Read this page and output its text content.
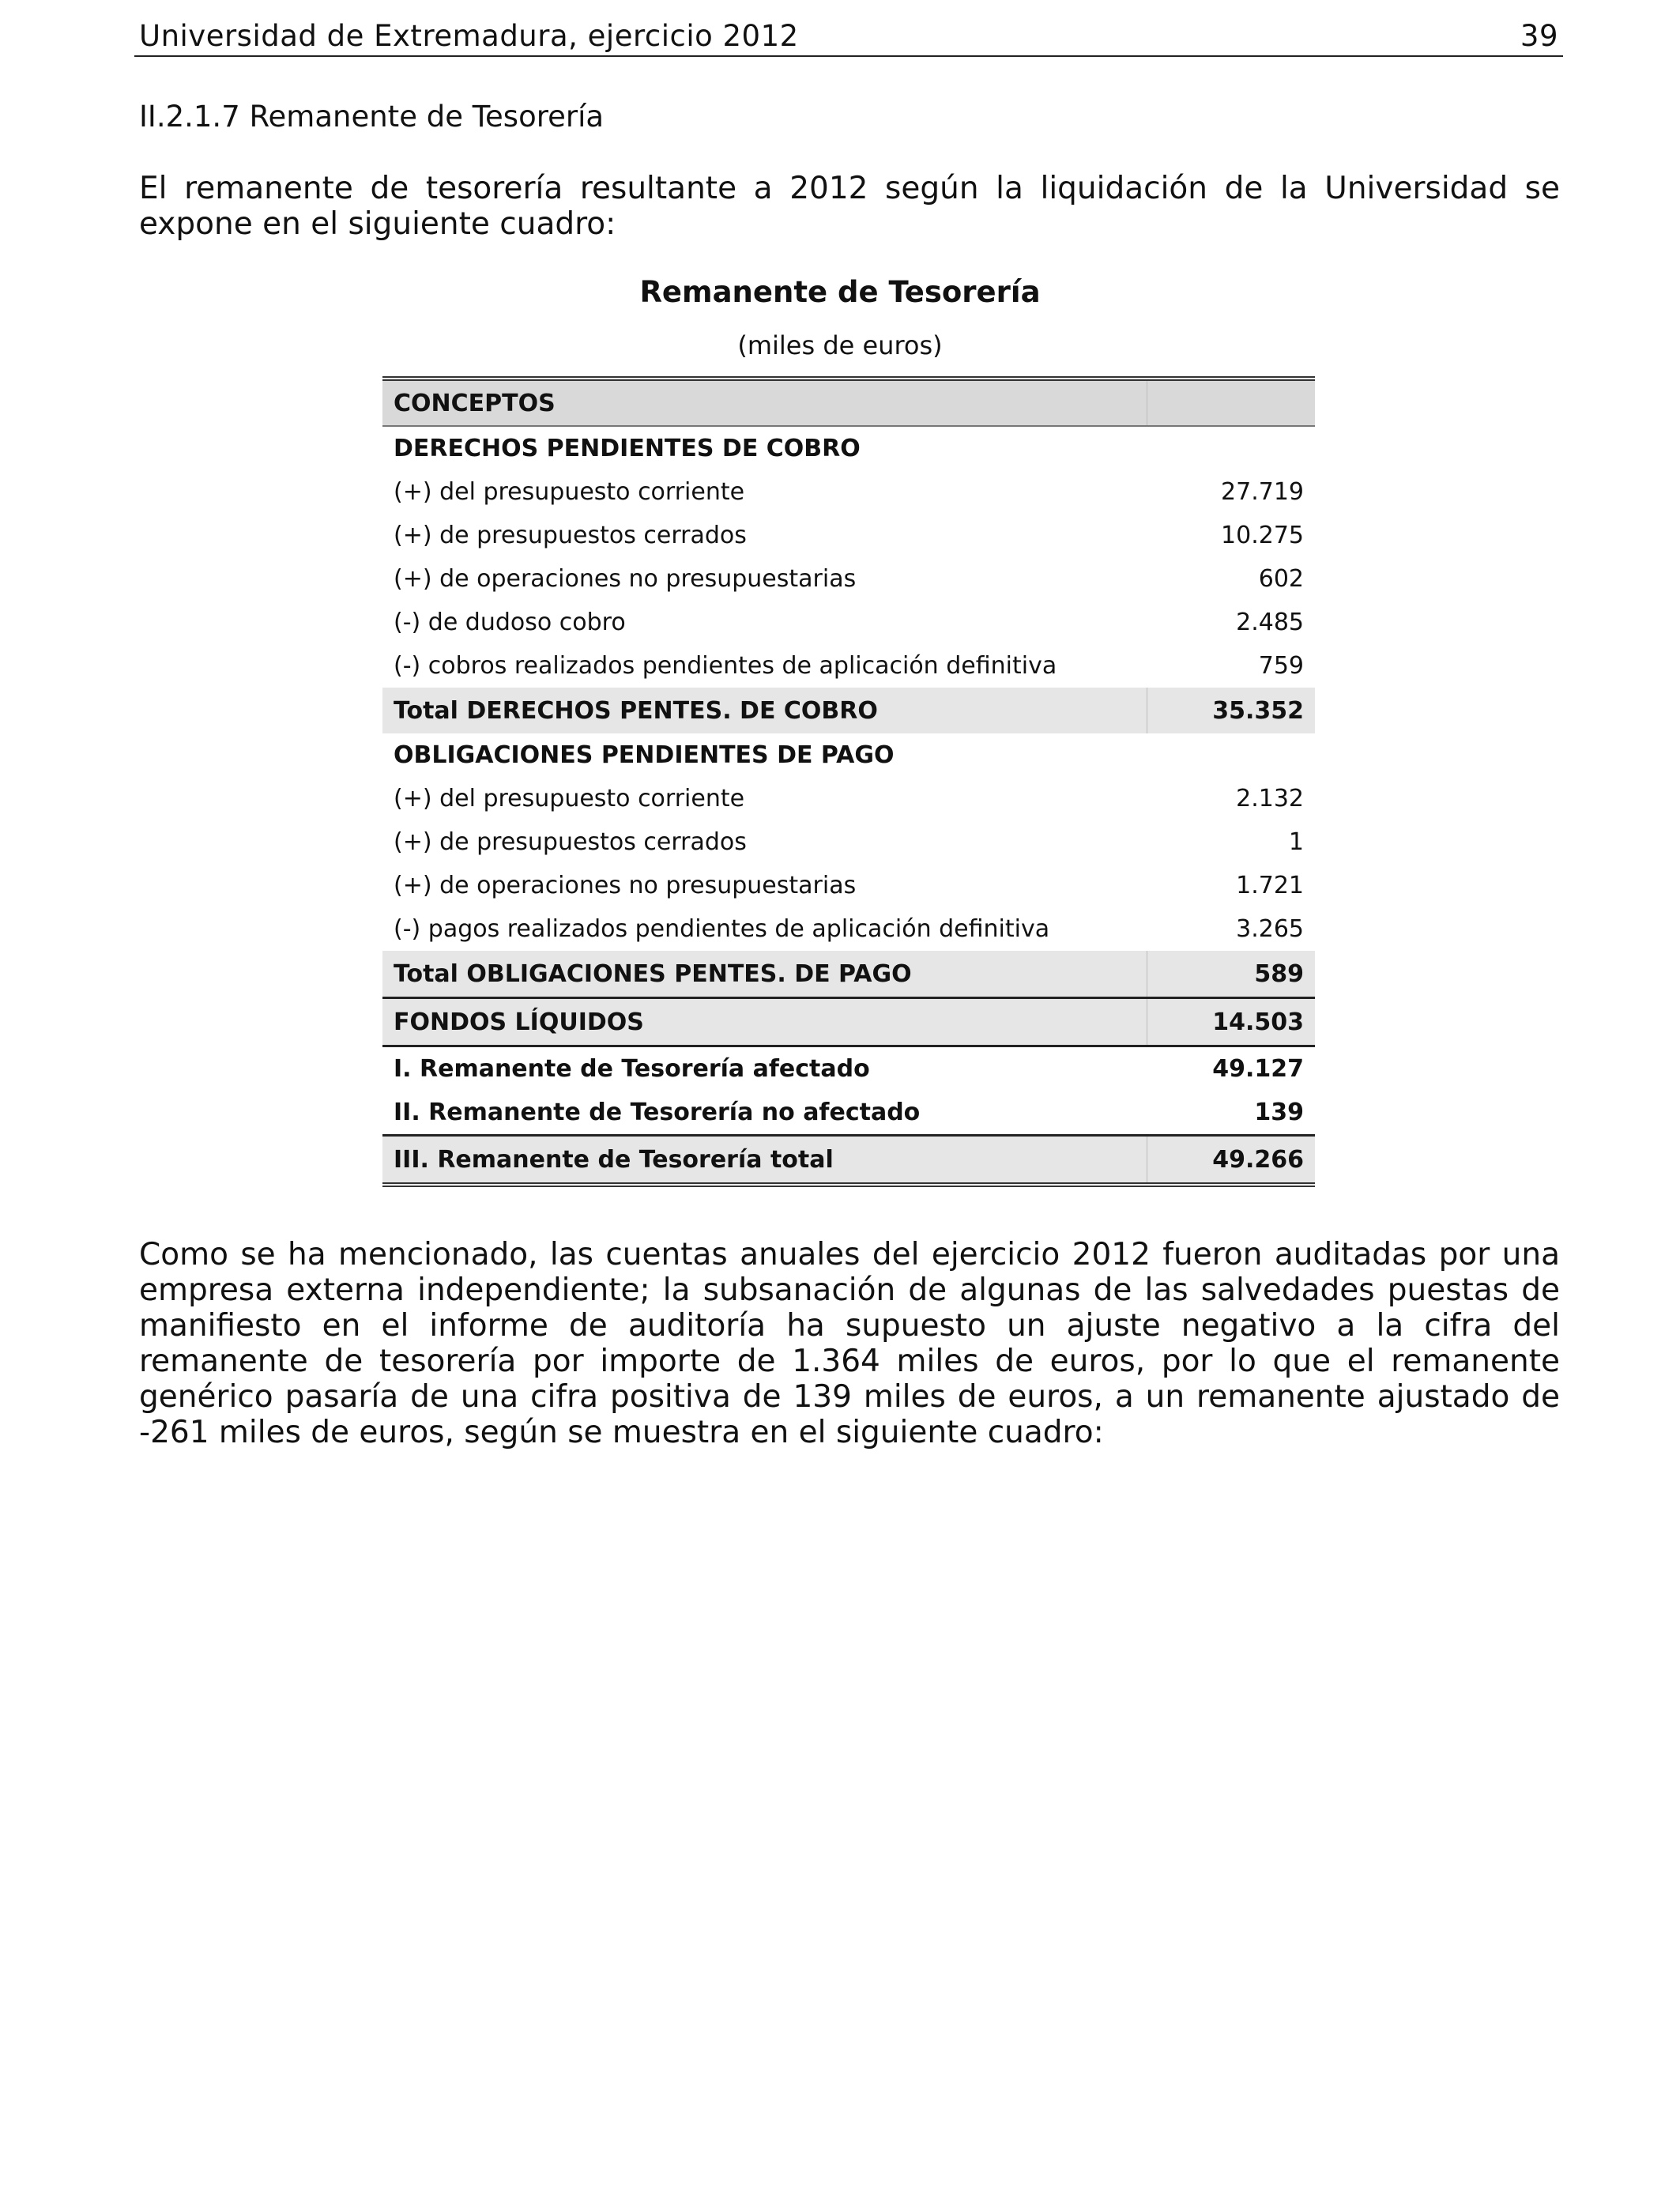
Universidad de Extremadura, ejercicio 2012	39
II.2.1.7 Remanente de Tesorería
El remanente de tesorería resultante a 2012 según la liquidación de la Universidad se expone en el siguiente cuadro:
Remanente de Tesorería
(miles de euros)
CONCEPTOS	
DERECHOS PENDIENTES DE COBRO	
(+) del presupuesto corriente	27.719
(+) de presupuestos cerrados	10.275
(+) de operaciones no presupuestarias	602
(-) de dudoso cobro	2.485
(-) cobros realizados pendientes de aplicación definitiva	759
Total DERECHOS PENTES. DE COBRO	35.352
OBLIGACIONES PENDIENTES DE PAGO	
(+) del presupuesto corriente	2.132
(+) de presupuestos cerrados	1
(+) de operaciones no presupuestarias	1.721
(-) pagos realizados pendientes de aplicación definitiva	3.265
Total OBLIGACIONES PENTES. DE PAGO	589
FONDOS LÍQUIDOS	14.503
I. Remanente de Tesorería afectado	49.127
II. Remanente de Tesorería no afectado	139
III. Remanente de Tesorería total	49.266
Como se ha mencionado, las cuentas anuales del ejercicio 2012 fueron auditadas por una empresa externa independiente; la subsanación de algunas de las salvedades puestas de manifiesto en el informe de auditoría ha supuesto un ajuste negativo a la cifra del remanente de tesorería por importe de 1.364 miles de euros, por lo que el remanente genérico pasaría de una cifra positiva de 139 miles de euros, a un remanente ajustado de -261 miles de euros, según se muestra en el siguiente cuadro:
